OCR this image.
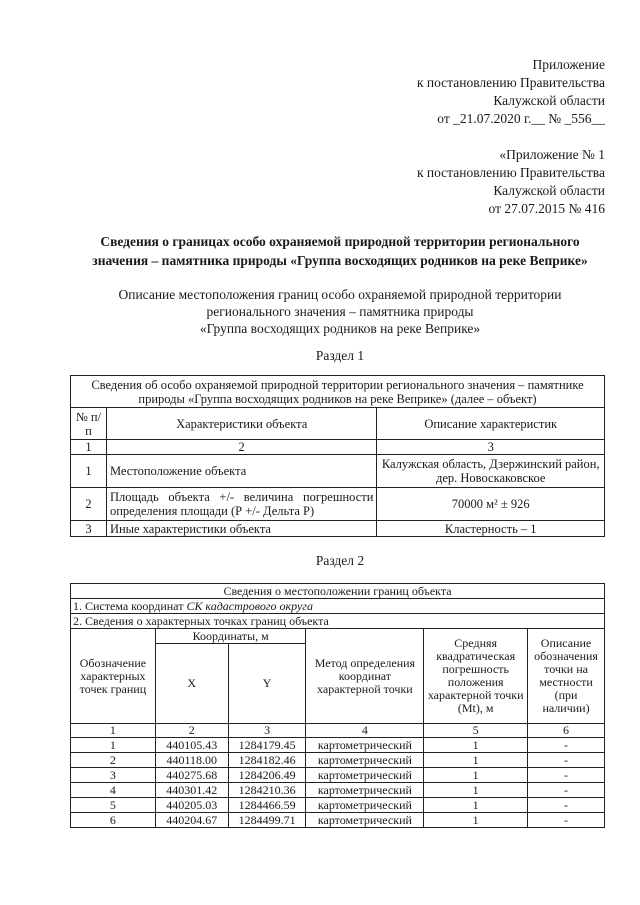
Приложение
к постановлению Правительства
Калужской области
от _21.07.2020 г.__ № _556__
«Приложение № 1
к постановлению Правительства
Калужской области
от 27.07.2015 № 416
Сведения о границах особо охраняемой природной территории регионального
значения – памятника природы «Группа восходящих родников на реке Веприке»
Описание местоположения границ особо охраняемой природной территории
регионального значения – памятника природы
«Группа восходящих родников на реке Веприке»
Раздел 1
Сведения об особо охраняемой природной территории регионального значения – памятнике природы «Группа восходящих родников на реке Веприке» (далее – объект)		
№ п/п	Характеристики объекта	Описание характеристик
1	2	3
1	Местоположение объекта	Калужская область, Дзержинский район, дер. Новоскаковское
2	Площадь объекта +/- величина погрешности определения площади (Р +/- Дельта Р)	70000 м² ± 926
3	Иные характеристики объекта	Кластерность – 1
Раздел 2
Сведения о местоположении границ объекта					
1. Система координат СК кадастрового округа					
2. Сведения о характерных точках границ объекта					
Обозначение характерных точек границ	Координаты, м		Метод определения координат характерной точки	Средняя квадратическая погрешность положения характерной точки (Mt), м	Описание обозначения точки на местности (при наличии)
	X	Y			
1	2	3	4	5	6
1	440105.43	1284179.45	картометрический	1	-
2	440118.00	1284182.46	картометрический	1	-
3	440275.68	1284206.49	картометрический	1	-
4	440301.42	1284210.36	картометрический	1	-
5	440205.03	1284466.59	картометрический	1	-
6	440204.67	1284499.71	картометрический	1	-
